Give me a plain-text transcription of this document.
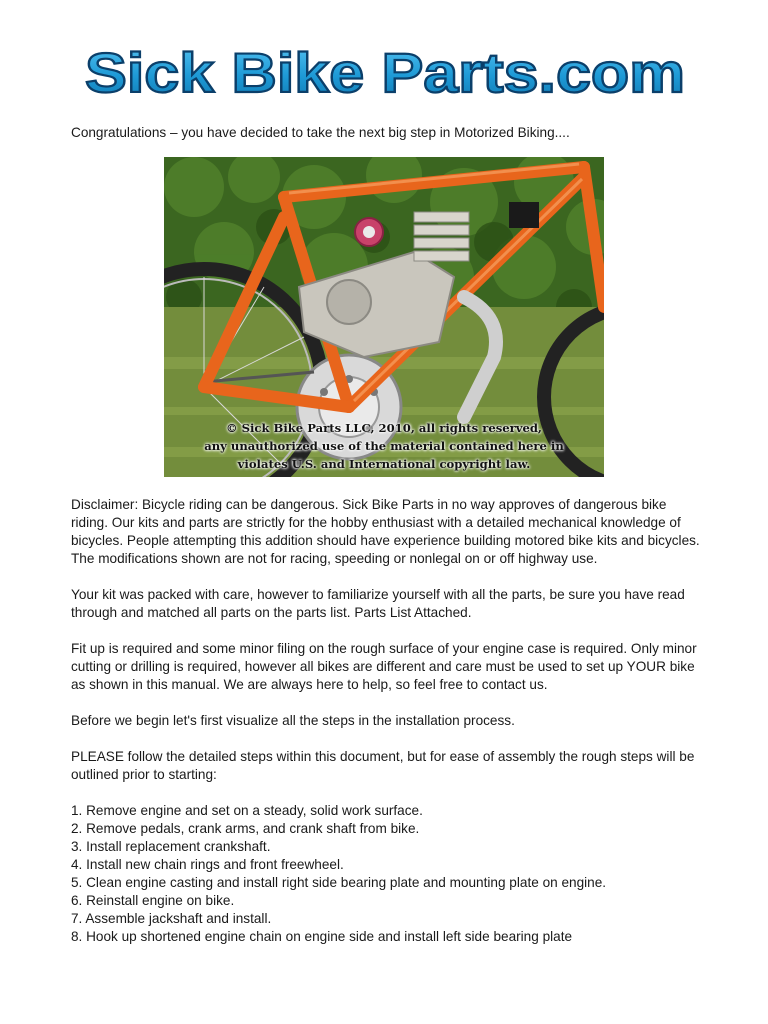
Sick Bike Parts.com

Congratulations – you have decided to take the next big step in Motorized Biking....

© Sick Bike Parts LLC, 2010, all rights reserved,
any unauthorized use of the material contained here in
violates U.S. and International copyright law.

Disclaimer: Bicycle riding can be dangerous. Sick Bike Parts in no way approves of dangerous bike riding. Our kits and parts are strictly for the hobby enthusiast with a detailed mechanical knowledge of bicycles. People attempting this addition should have experience building motored bike kits and bicycles. The modifications shown are not for racing, speeding or nonlegal on or off highway use.

Your kit was packed with care, however to familiarize yourself with all the parts, be sure you have read through and matched all parts on the parts list. Parts List Attached.

Fit up is required and some minor filing on the rough surface of your engine case is required. Only minor cutting or drilling is required, however all bikes are different and care must be used to set up YOUR bike as shown in this manual. We are always here to help, so feel free to contact us.

Before we begin let's first visualize all the steps in the installation process.

PLEASE follow the detailed steps within this document, but for ease of assembly the rough steps will be outlined prior to starting:

1. Remove engine and set on a steady, solid work surface.
2. Remove pedals, crank arms, and crank shaft from bike.
3. Install replacement crankshaft.
4. Install new chain rings and front freewheel.
5. Clean engine casting and install right side bearing plate and mounting plate on engine.
6. Reinstall engine on bike.
7. Assemble jackshaft and install.
8. Hook up shortened engine chain on engine side and install left side bearing plate
